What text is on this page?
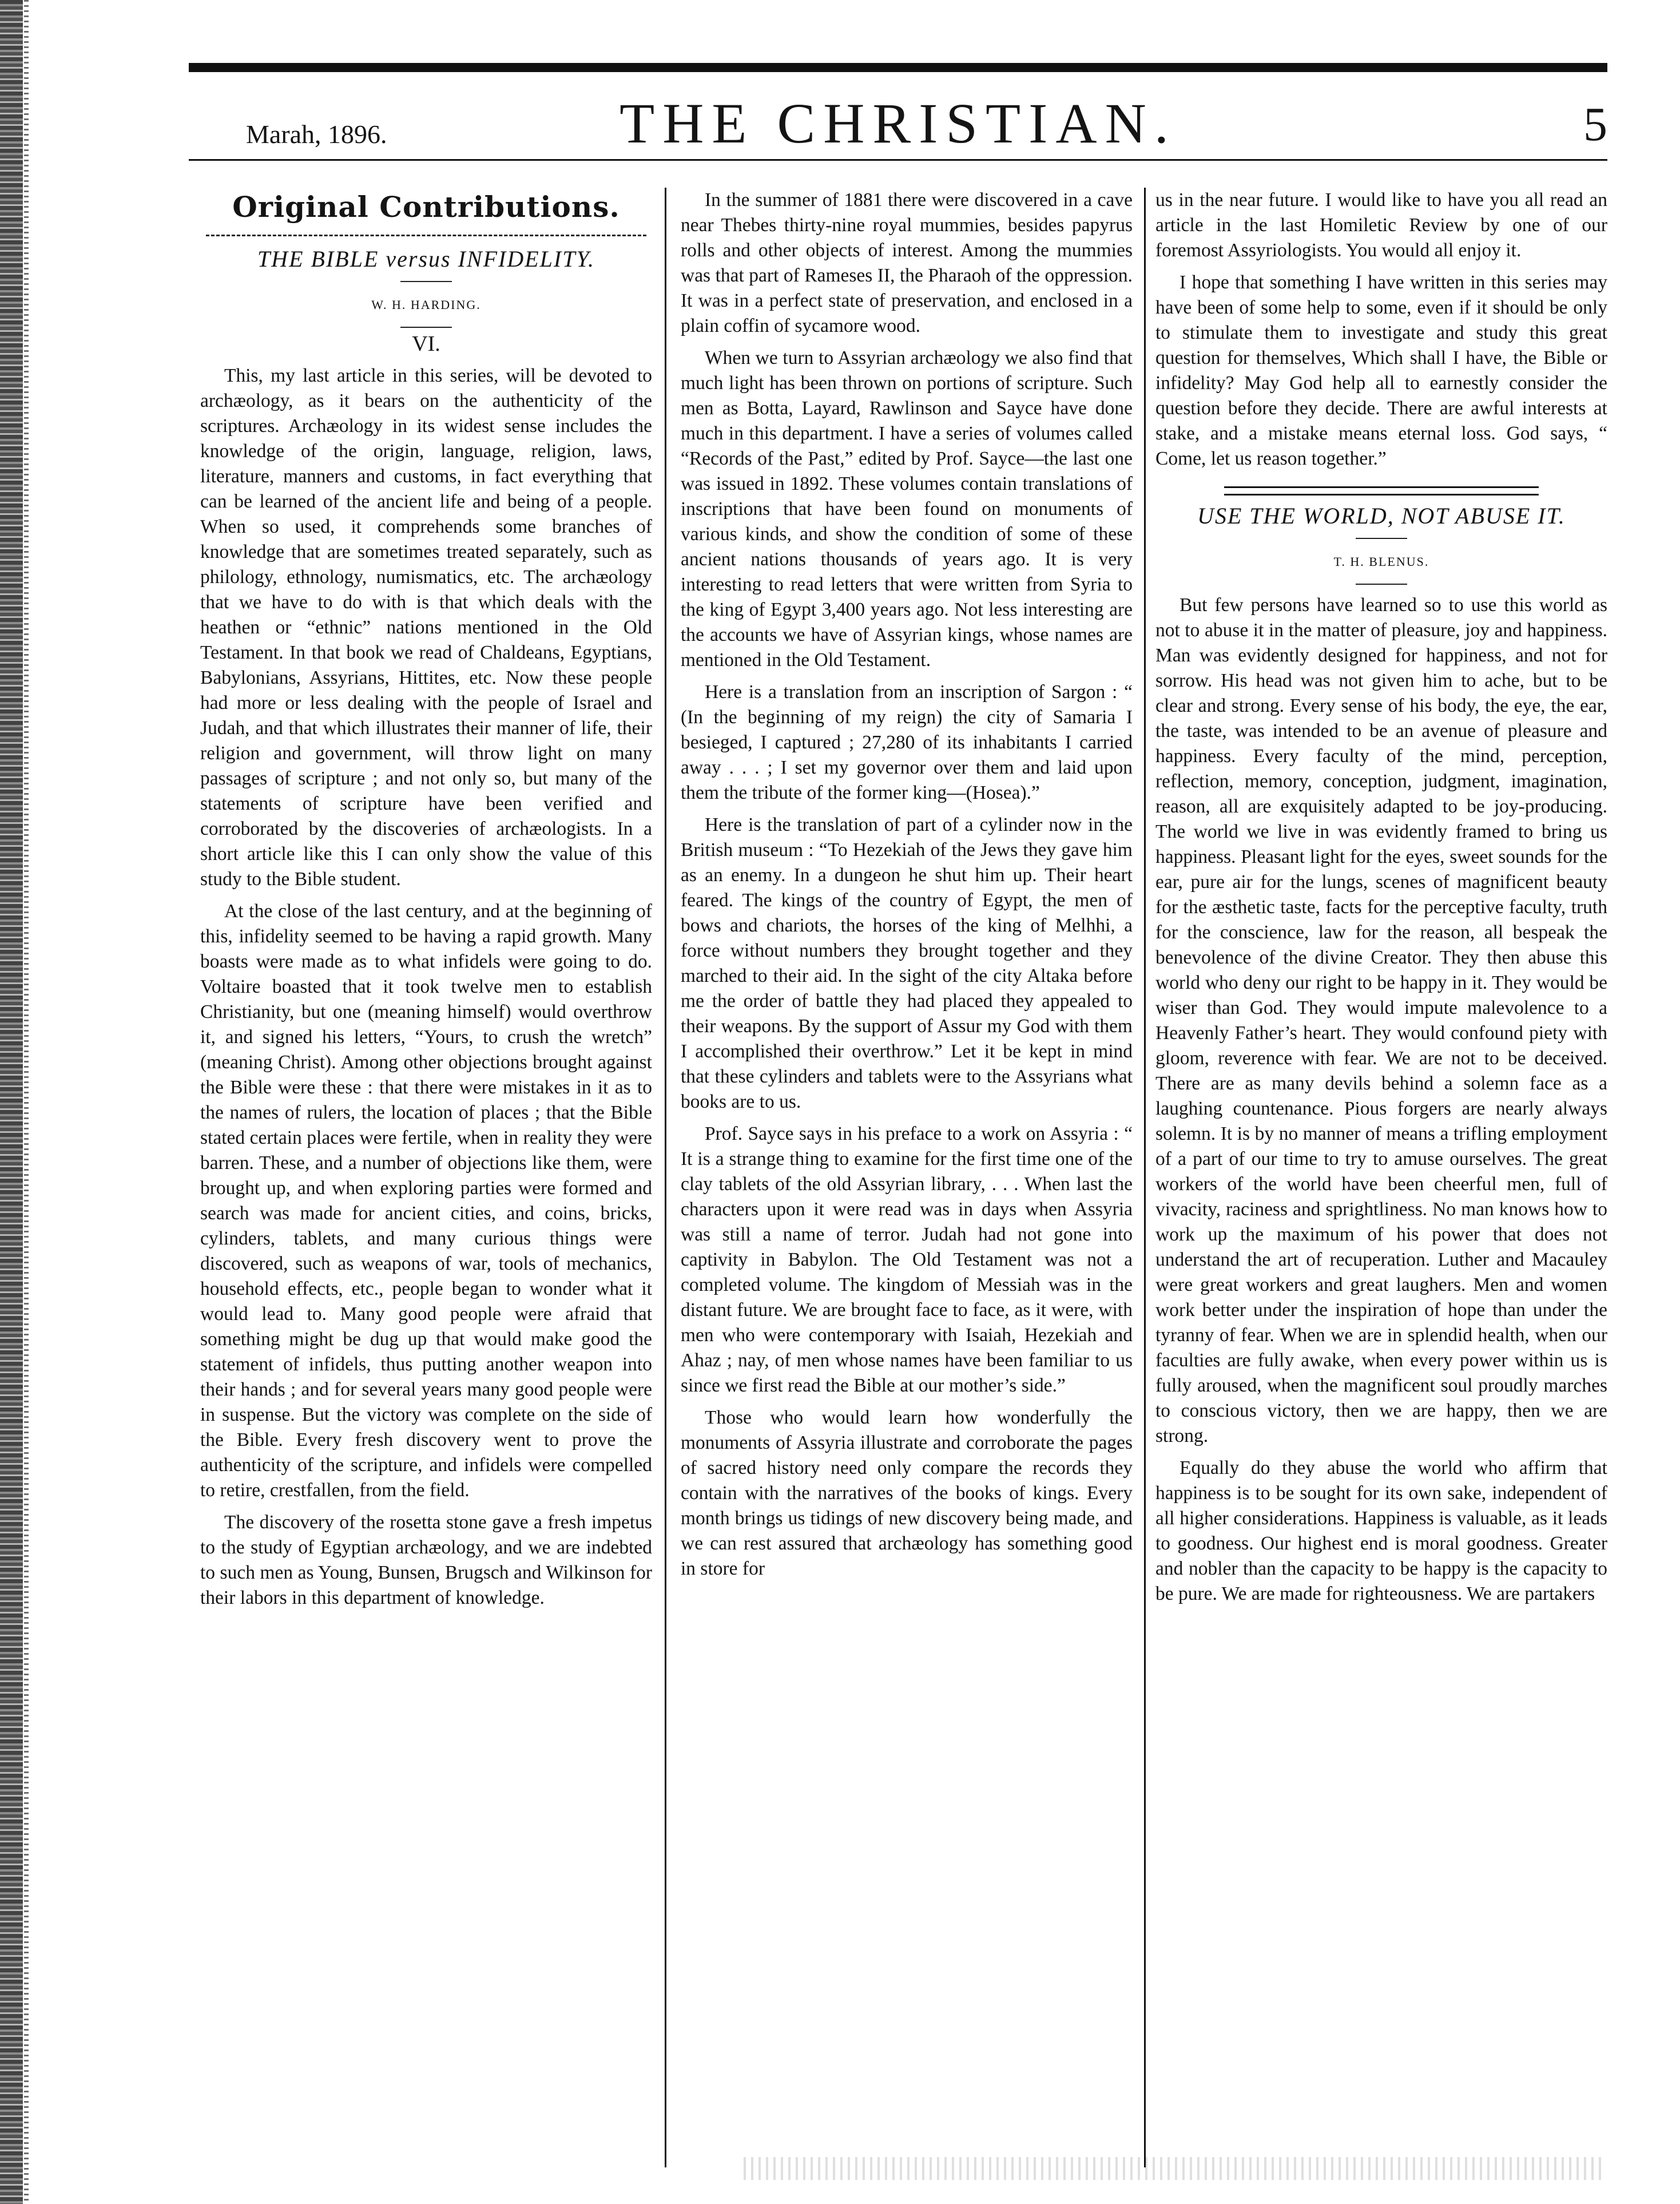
Marah, 1896.	THE CHRISTIAN.	5
Original Contributions.
THE BIBLE versus INFIDELITY.
W. H. HARDING.
VI.

This, my last article in this series, will be devoted to archæology, as it bears on the authenticity of the scriptures. Archæology in its widest sense includes the knowledge of the origin, language, religion, laws, literature, manners and customs, in fact everything that can be learned of the ancient life and being of a people. When so used, it comprehends some branches of knowledge that are sometimes treated separately, such as philology, ethnology, numismatics, etc. The archæology that we have to do with is that which deals with the heathen or “ethnic” nations mentioned in the Old Testament. In that book we read of Chaldeans, Egyptians, Babylonians, Assyrians, Hittites, etc. Now these people had more or less dealing with the people of Israel and Judah, and that which illustrates their manner of life, their religion and government, will throw light on many passages of scripture ; and not only so, but many of the statements of scripture have been verified and corroborated by the discoveries of archæologists. In a short article like this I can only show the value of this study to the Bible student.

At the close of the last century, and at the beginning of this, infidelity seemed to be having a rapid growth. Many boasts were made as to what infidels were going to do. Voltaire boasted that it took twelve men to establish Christianity, but one (meaning himself) would overthrow it, and signed his letters, “Yours, to crush the wretch” (meaning Christ). Among other objections brought against the Bible were these : that there were mistakes in it as to the names of rulers, the location of places ; that the Bible stated certain places were fertile, when in reality they were barren. These, and a number of objections like them, were brought up, and when exploring parties were formed and search was made for ancient cities, and coins, bricks, cylinders, tablets, and many curious things were discovered, such as weapons of war, tools of mechanics, household effects, etc., people began to wonder what it would lead to. Many good people were afraid that something might be dug up that would make good the statement of infidels, thus putting another weapon into their hands ; and for several years many good people were in suspense. But the victory was complete on the side of the Bible. Every fresh discovery went to prove the authenticity of the scripture, and infidels were compelled to retire, crestfallen, from the field.

The discovery of the rosetta stone gave a fresh impetus to the study of Egyptian archæology, and we are indebted to such men as Young, Bunsen, Brugsch and Wilkinson for their labors in this department of knowledge.

In the summer of 1881 there were discovered in a cave near Thebes thirty-nine royal mummies, besides papyrus rolls and other objects of interest. Among the mummies was that part of Rameses II, the Pharaoh of the oppression. It was in a perfect state of preservation, and enclosed in a plain coffin of sycamore wood.

When we turn to Assyrian archæology we also find that much light has been thrown on portions of scripture. Such men as Botta, Layard, Rawlinson and Sayce have done much in this department. I have a series of volumes called “Records of the Past,” edited by Prof. Sayce—the last one was issued in 1892. These volumes contain translations of inscriptions that have been found on monuments of various kinds, and show the condition of some of these ancient nations thousands of years ago. It is very interesting to read letters that were written from Syria to the king of Egypt 3,400 years ago. Not less interesting are the accounts we have of Assyrian kings, whose names are mentioned in the Old Testament.

Here is a translation from an inscription of Sargon : “ (In the beginning of my reign) the city of Samaria I besieged, I captured ; 27,280 of its inhabitants I carried away . . . ; I set my governor over them and laid upon them the tribute of the former king—(Hosea).”

Here is the translation of part of a cylinder now in the British museum : “To Hezekiah of the Jews they gave him as an enemy. In a dungeon he shut him up. Their heart feared. The kings of the country of Egypt, the men of bows and chariots, the horses of the king of Melhhi, a force without numbers they brought together and they marched to their aid. In the sight of the city Altaka before me the order of battle they had placed they appealed to their weapons. By the support of Assur my God with them I accomplished their overthrow.” Let it be kept in mind that these cylinders and tablets were to the Assyrians what books are to us.

Prof. Sayce says in his preface to a work on Assyria : “ It is a strange thing to examine for the first time one of the clay tablets of the old Assyrian library, . . . When last the characters upon it were read was in days when Assyria was still a name of terror. Judah had not gone into captivity in Babylon. The Old Testament was not a completed volume. The kingdom of Messiah was in the distant future. We are brought face to face, as it were, with men who were contemporary with Isaiah, Hezekiah and Ahaz ; nay, of men whose names have been familiar to us since we first read the Bible at our mother’s side.”

Those who would learn how wonderfully the monuments of Assyria illustrate and corroborate the pages of sacred history need only compare the records they contain with the narratives of the books of kings. Every month brings us tidings of new discovery being made, and we can rest assured that archæology has something good in store for

us in the near future. I would like to have you all read an article in the last Homiletic Review by one of our foremost Assyriologists. You would all enjoy it.

I hope that something I have written in this series may have been of some help to some, even if it should be only to stimulate them to investigate and study this great question for themselves, Which shall I have, the Bible or infidelity? May God help all to earnestly consider the question before they decide. There are awful interests at stake, and a mistake means eternal loss. God says, “ Come, let us reason together.”

USE THE WORLD, NOT ABUSE IT.
T. H. BLENUS.

But few persons have learned so to use this world as not to abuse it in the matter of pleasure, joy and happiness. Man was evidently designed for happiness, and not for sorrow. His head was not given him to ache, but to be clear and strong. Every sense of his body, the eye, the ear, the taste, was intended to be an avenue of pleasure and happiness. Every faculty of the mind, perception, reflection, memory, conception, judgment, imagination, reason, all are exquisitely adapted to be joy-producing. The world we live in was evidently framed to bring us happiness. Pleasant light for the eyes, sweet sounds for the ear, pure air for the lungs, scenes of magnificent beauty for the æsthetic taste, facts for the perceptive faculty, truth for the conscience, law for the reason, all bespeak the benevolence of the divine Creator. They then abuse this world who deny our right to be happy in it. They would be wiser than God. They would impute malevolence to a Heavenly Father’s heart. They would confound piety with gloom, reverence with fear. We are not to be deceived. There are as many devils behind a solemn face as a laughing countenance. Pious forgers are nearly always solemn. It is by no manner of means a trifling employment of a part of our time to try to amuse ourselves. The great workers of the world have been cheerful men, full of vivacity, raciness and sprightliness. No man knows how to work up the maximum of his power that does not understand the art of recuperation. Luther and Macauley were great workers and great laughers. Men and women work better under the inspiration of hope than under the tyranny of fear. When we are in splendid health, when our faculties are fully awake, when every power within us is fully aroused, when the magnificent soul proudly marches to conscious victory, then we are happy, then we are strong.

Equally do they abuse the world who affirm that happiness is to be sought for its own sake, independent of all higher considerations. Happiness is valuable, as it leads to goodness. Our highest end is moral goodness. Greater and nobler than the capacity to be happy is the capacity to be pure. We are made for righteousness. We are partakers
